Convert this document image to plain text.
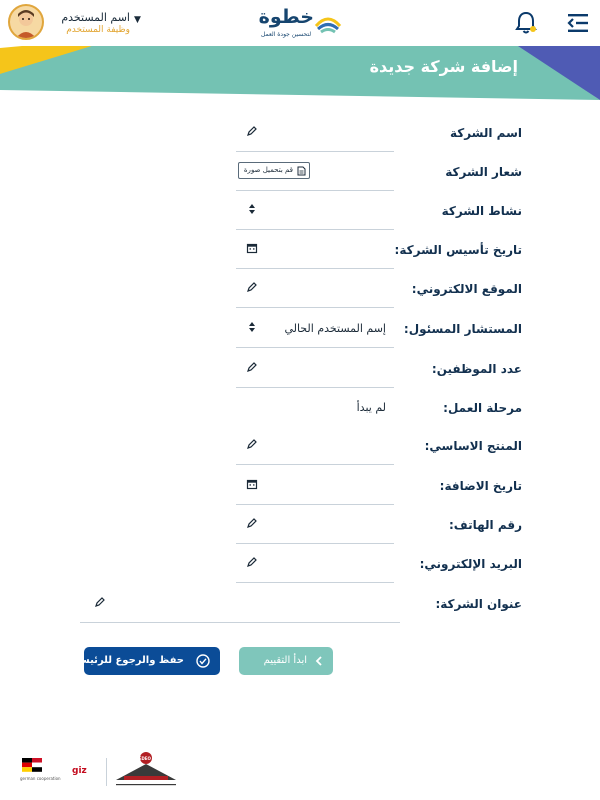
خطوة
لتحسين جودة العمل
اسم المستخدم
وظيفة المستخدم
▼
إضافة شركة جديدة
اسم الشركة
شعار الشركة
قم بتحميل صورة
نشاط الشركة
تاريخ تأسيس الشركة:
الموقع الالكتروني:
المستشار المسئول:
إسم المستخدم الحالي
عدد الموظفين:
مرحلة العمل:
لم يبدأ
المنتج الاساسي:
تاريخ الاضافة:
رقم الهاتف:
البريد الإلكتروني:
عنوان الشركة:
حفظ والرجوع للرئيسية	ابدأ التقييم
german cooperation
giz
FEDEO
